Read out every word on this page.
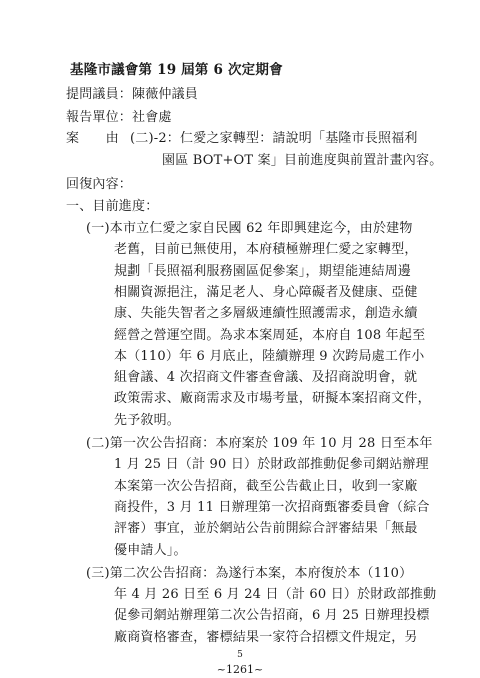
基隆市議會第 19 屆第 6 次定期會
提問議員：陳薇仲議員
報告單位：社會處
案　　由 (二)-2：仁愛之家轉型：請說明「基隆市長照福利
園區 BOT+OT 案」目前進度與前置計畫內容。
回復內容：
一、目前進度：
(一)本市立仁愛之家自民國 62 年即興建迄今，由於建物
老舊，目前已無使用，本府積極辦理仁愛之家轉型，
規劃「長照福利服務園區促參案」，期望能連結周邊
相關資源挹注，滿足老人、身心障礙者及健康、亞健
康、失能失智者之多層級連續性照護需求，創造永續
經營之營運空間。為求本案周延，本府自 108 年起至
本（110）年 6 月底止，陸續辦理 9 次跨局處工作小
組會議、4 次招商文件審查會議、及招商說明會，就
政策需求、廠商需求及市場考量，研擬本案招商文件，
先予敘明。
(二)第一次公告招商：本府案於 109 年 10 月 28 日至本年
1 月 25 日（計 90 日）於財政部推動促參司網站辦理
本案第一次公告招商，截至公告截止日，收到一家廠
商投件，3 月 11 日辦理第一次招商甄審委員會（綜合
評審）事宜，並於網站公告前開綜合評審結果「無最
優申請人」。
(三)第二次公告招商：為遂行本案，本府復於本（110）
年 4 月 26 日至 6 月 24 日（計 60 日）於財政部推動
促參司網站辦理第二次公告招商，6 月 25 日辦理投標
廠商資格審查，審標結果一家符合招標文件規定，另
5
~1261~
